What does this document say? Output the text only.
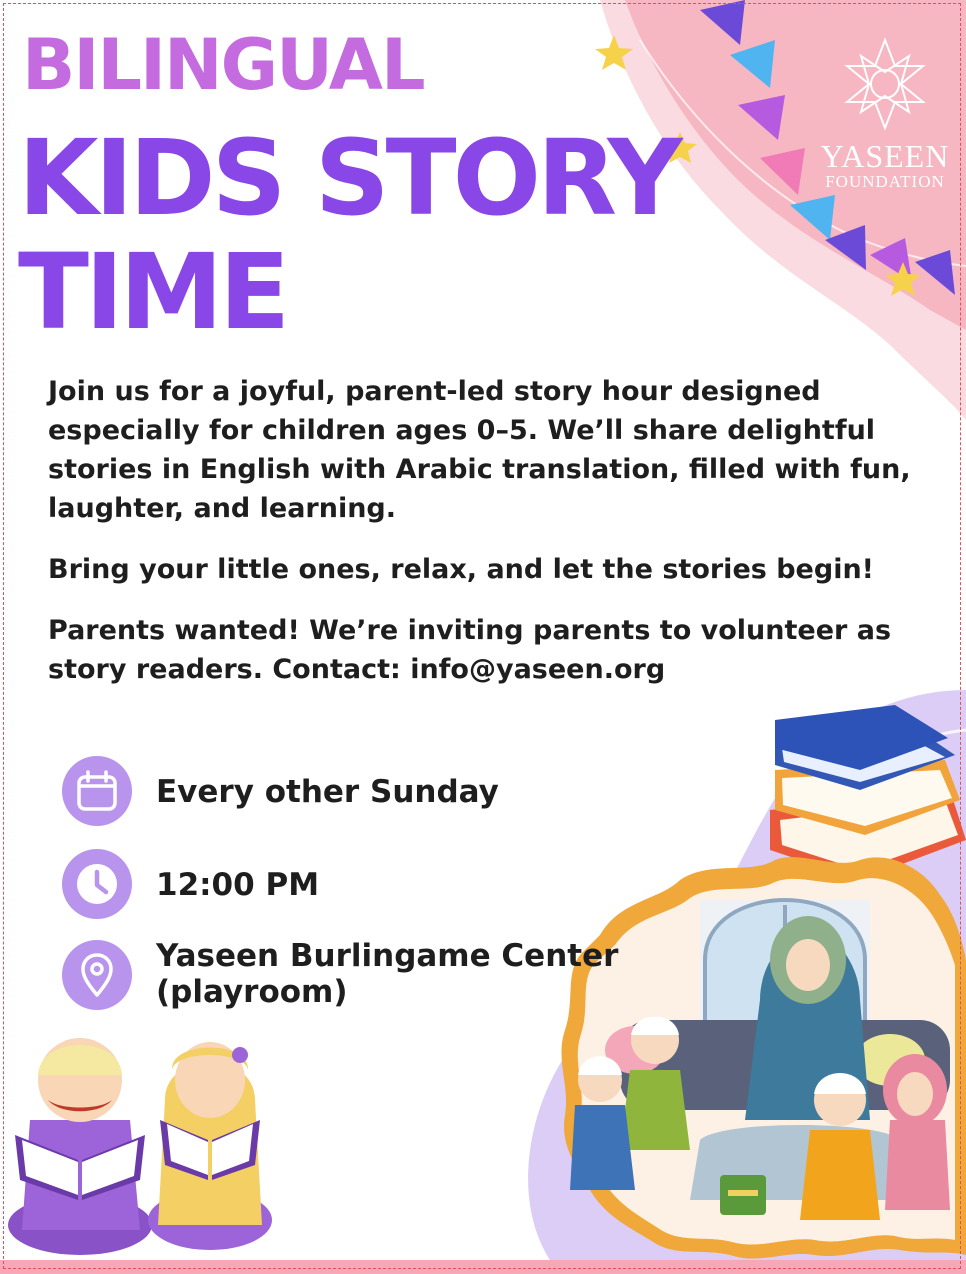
YASEEN
FOUNDATION
BILINGUAL
KIDS STORY
TIME

Join us for a joyful, parent-led story hour designed especially for children ages 0–5. We’ll share delightful stories in English with Arabic translation, filled with fun, laughter, and learning.

Bring your little ones, relax, and let the stories begin!

Parents wanted! We’re inviting parents to volunteer as story readers. Contact: info@yaseen.org

Every other Sunday
12:00 PM
Yaseen Burlingame Center
(playroom)
